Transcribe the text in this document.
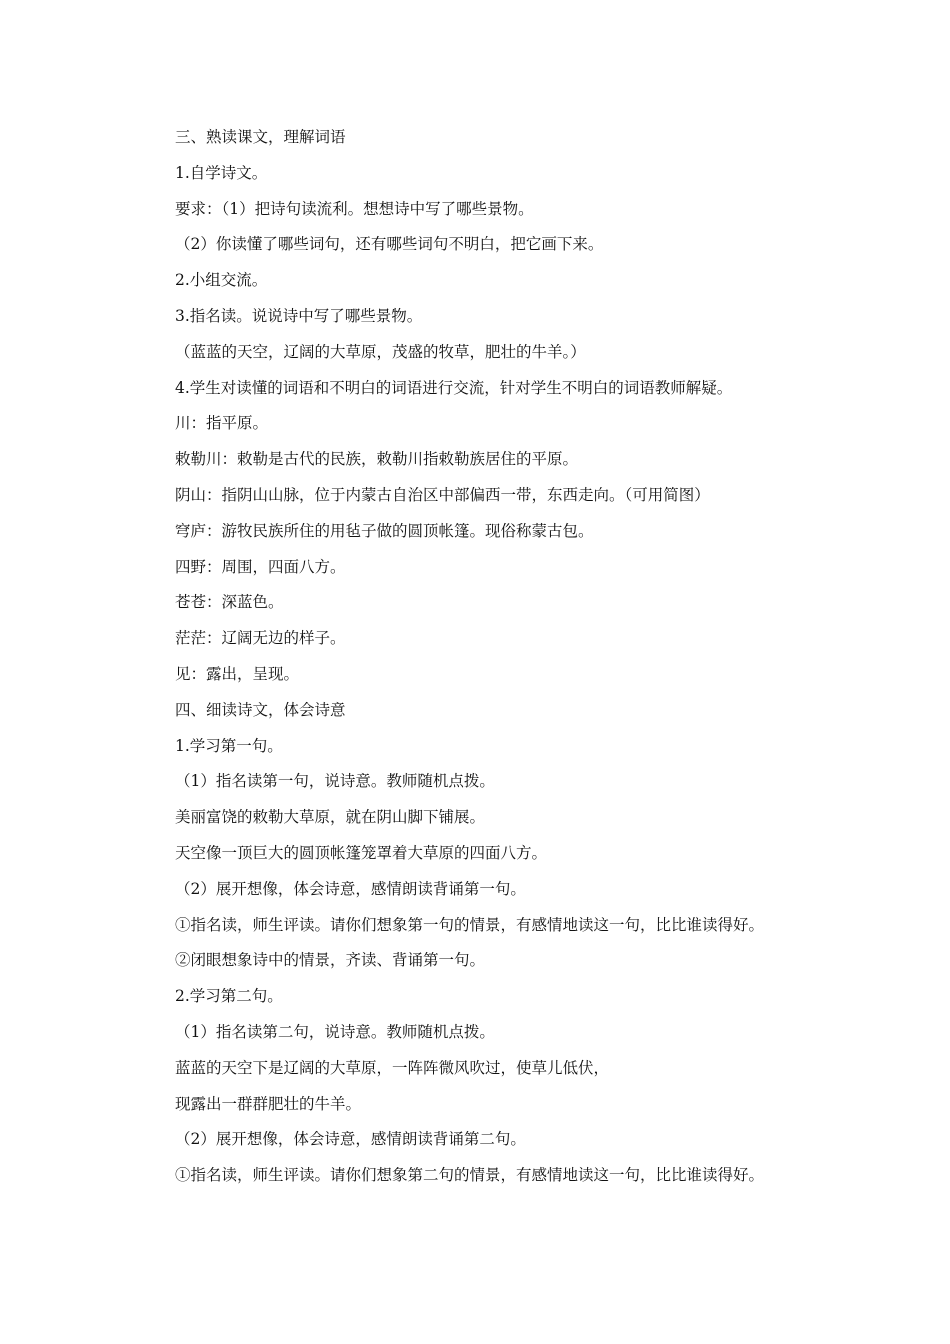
三、熟读课文，理解词语

1.自学诗文。

要求：（1）把诗句读流利。想想诗中写了哪些景物。

（2）你读懂了哪些词句，还有哪些词句不明白，把它画下来。

2.小组交流。

3.指名读。说说诗中写了哪些景物。

（蓝蓝的天空，辽阔的大草原，茂盛的牧草，肥壮的牛羊。）

4.学生对读懂的词语和不明白的词语进行交流，针对学生不明白的词语教师解疑。

川：指平原。

敕勒川：敕勒是古代的民族，敕勒川指敕勒族居住的平原。

阴山：指阴山山脉，位于内蒙古自治区中部偏西一带，东西走向。（可用简图）

穹庐：游牧民族所住的用毡子做的圆顶帐篷。现俗称蒙古包。

四野：周围，四面八方。

苍苍：深蓝色。

茫茫：辽阔无边的样子。

见：露出，呈现。

四、细读诗文，体会诗意

1.学习第一句。

（1）指名读第一句，说诗意。教师随机点拨。

美丽富饶的敕勒大草原，就在阴山脚下铺展。

天空像一顶巨大的圆顶帐篷笼罩着大草原的四面八方。

（2）展开想像，体会诗意，感情朗读背诵第一句。

①指名读，师生评读。请你们想象第一句的情景，有感情地读这一句，比比谁读得好。

②闭眼想象诗中的情景，齐读、背诵第一句。

2.学习第二句。

（1）指名读第二句，说诗意。教师随机点拨。

蓝蓝的天空下是辽阔的大草原，一阵阵微风吹过，使草儿低伏，

现露出一群群肥壮的牛羊。

（2）展开想像，体会诗意，感情朗读背诵第二句。

①指名读，师生评读。请你们想象第二句的情景，有感情地读这一句，比比谁读得好。
